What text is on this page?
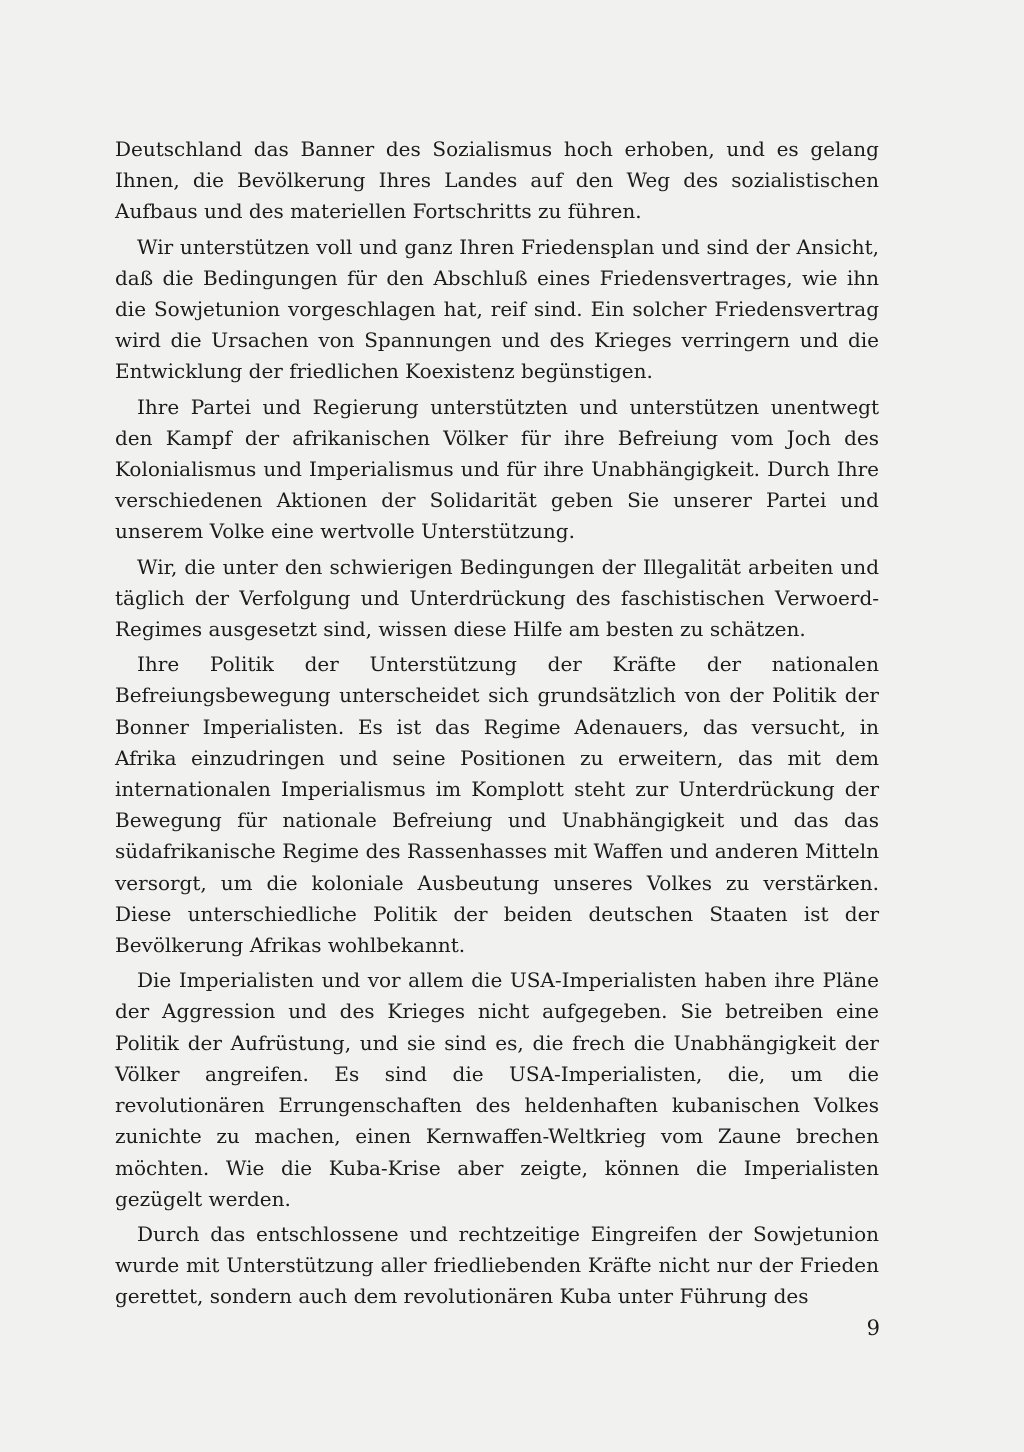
Deutschland das Banner des Sozialismus hoch erhoben, und es gelang Ihnen, die Bevölkerung Ihres Landes auf den Weg des sozialistischen Aufbaus und des materiellen Fortschritts zu führen.

Wir unterstützen voll und ganz Ihren Friedensplan und sind der Ansicht, daß die Bedingungen für den Abschluß eines Friedensvertrages, wie ihn die Sowjetunion vorgeschlagen hat, reif sind. Ein solcher Friedensvertrag wird die Ursachen von Spannungen und des Krieges verringern und die Entwicklung der friedlichen Koexistenz begünstigen.

Ihre Partei und Regierung unterstützten und unterstützen unentwegt den Kampf der afrikanischen Völker für ihre Befreiung vom Joch des Kolonialismus und Imperialismus und für ihre Unabhängigkeit. Durch Ihre verschiedenen Aktionen der Solidarität geben Sie unserer Partei und unserem Volke eine wertvolle Unterstützung.

Wir, die unter den schwierigen Bedingungen der Illegalität arbeiten und täglich der Verfolgung und Unterdrückung des faschistischen Verwoerd-Regimes ausgesetzt sind, wissen diese Hilfe am besten zu schätzen.

Ihre Politik der Unterstützung der Kräfte der nationalen Befreiungsbewegung unterscheidet sich grundsätzlich von der Politik der Bonner Imperialisten. Es ist das Regime Adenauers, das versucht, in Afrika einzudringen und seine Positionen zu erweitern, das mit dem internationalen Imperialismus im Komplott steht zur Unterdrückung der Bewegung für nationale Befreiung und Unabhängigkeit und das das südafrikanische Regime des Rassenhasses mit Waffen und anderen Mitteln versorgt, um die koloniale Ausbeutung unseres Volkes zu verstärken. Diese unterschiedliche Politik der beiden deutschen Staaten ist der Bevölkerung Afrikas wohlbekannt.

Die Imperialisten und vor allem die USA-Imperialisten haben ihre Pläne der Aggression und des Krieges nicht aufgegeben. Sie betreiben eine Politik der Aufrüstung, und sie sind es, die frech die Unabhängigkeit der Völker angreifen. Es sind die USA-Imperialisten, die, um die revolutionären Errungenschaften des heldenhaften kubanischen Volkes zunichte zu machen, einen Kernwaffen-Weltkrieg vom Zaune brechen möchten. Wie die Kuba-Krise aber zeigte, können die Imperialisten gezügelt werden.

Durch das entschlossene und rechtzeitige Eingreifen der Sowjetunion wurde mit Unterstützung aller friedliebenden Kräfte nicht nur der Frieden gerettet, sondern auch dem revolutionären Kuba unter Führung des

9
